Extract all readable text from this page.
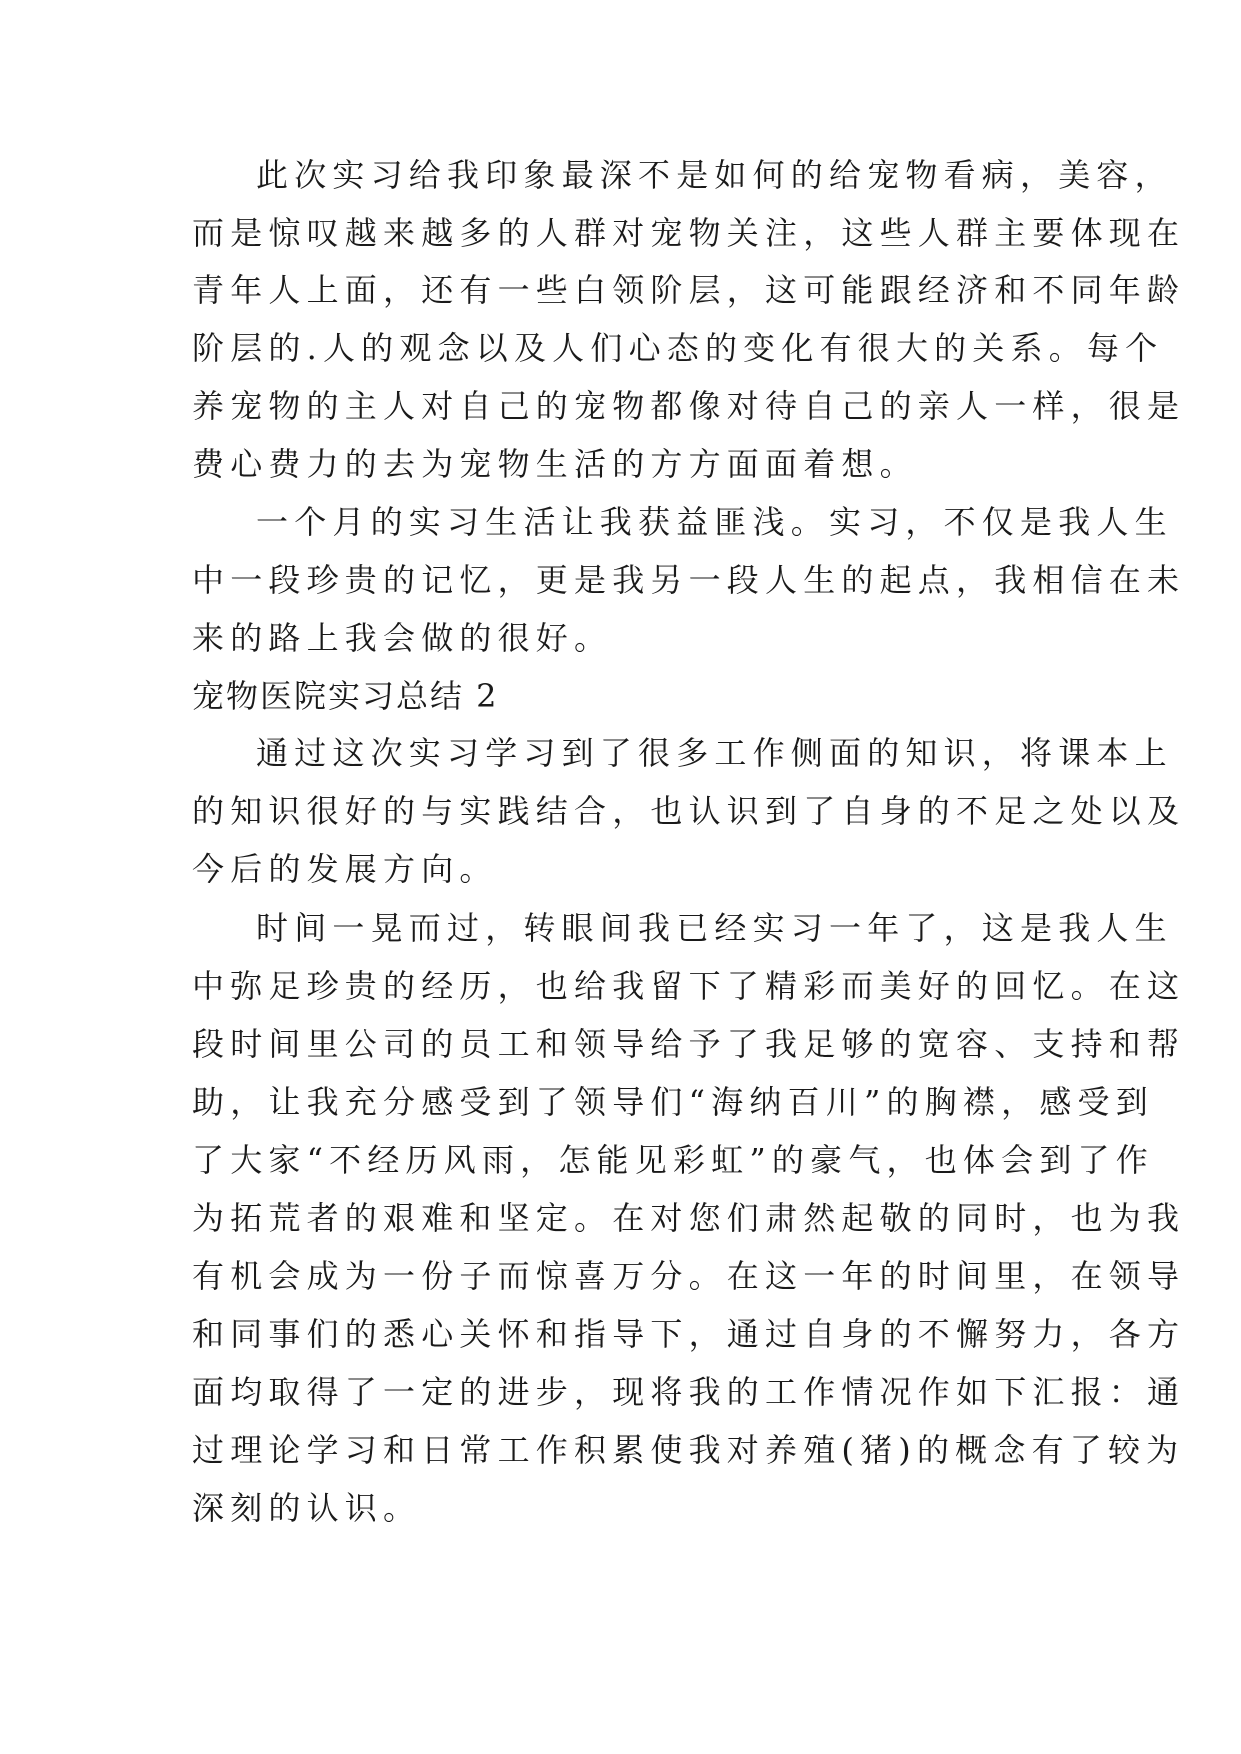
此次实习给我印象最深不是如何的给宠物看病，美容，
而是惊叹越来越多的人群对宠物关注，这些人群主要体现在
青年人上面，还有一些白领阶层，这可能跟经济和不同年龄
阶层的.人的观念以及人们心态的变化有很大的关系。每个
养宠物的主人对自己的宠物都像对待自己的亲人一样，很是
费心费力的去为宠物生活的方方面面着想。
一个月的实习生活让我获益匪浅。实习，不仅是我人生
中一段珍贵的记忆，更是我另一段人生的起点，我相信在未
来的路上我会做的很好。
宠物医院实习总结 2
通过这次实习学习到了很多工作侧面的知识，将课本上
的知识很好的与实践结合，也认识到了自身的不足之处以及
今后的发展方向。
时间一晃而过，转眼间我已经实习一年了，这是我人生
中弥足珍贵的经历，也给我留下了精彩而美好的回忆。在这
段时间里公司的员工和领导给予了我足够的宽容、支持和帮
助，让我充分感受到了领导们“海纳百川”的胸襟，感受到
了大家“不经历风雨，怎能见彩虹”的豪气，也体会到了作
为拓荒者的艰难和坚定。在对您们肃然起敬的同时，也为我
有机会成为一份子而惊喜万分。在这一年的时间里，在领导
和同事们的悉心关怀和指导下，通过自身的不懈努力，各方
面均取得了一定的进步，现将我的工作情况作如下汇报：通
过理论学习和日常工作积累使我对养殖(猪)的概念有了较为
深刻的认识。
